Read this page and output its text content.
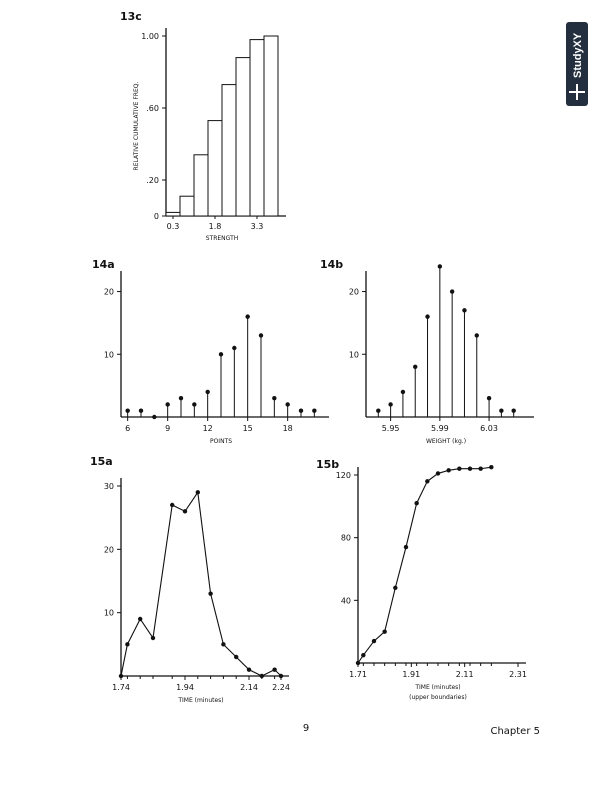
13c
0
.20
.60
1.00
0.3	1.8	3.3
STRENGTH
RELATIVE CUMULATIVE FREQ.
14a
10
20
6	9	12	15	18
POINTS
14b
10
20
5.95	5.99	6.03
WEIGHT (kg.)
15a
10
20
30
1.74	1.94	2.14 2.24
TIME (minutes)
15b
40
80
120
1.71	1.91	2.11	2.31
TIME (minutes)
(upper boundaries)
StudyXY
9	Chapter 5
